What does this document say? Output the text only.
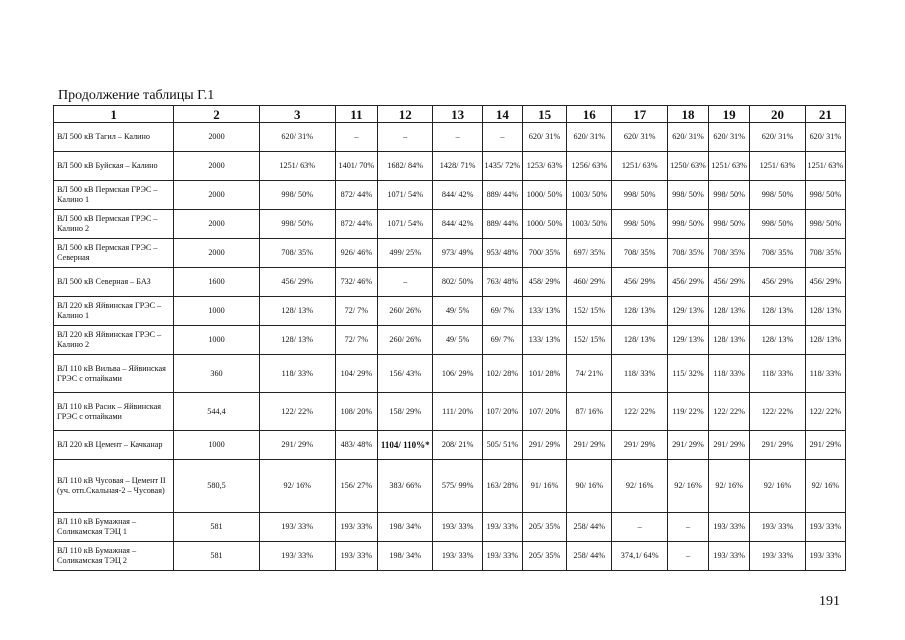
Продолжение таблицы Г.1
1	2	3	11	12	13	14	15	16	17	18	19	20	21
ВЛ 500 кВ Тагил – Калино	2000	620/ 31%	–	–	–	–	620/ 31%	620/ 31%	620/ 31%	620/ 31%	620/ 31%	620/ 31%	620/ 31%
ВЛ 500 кВ Буйская – Калино	2000	1251/ 63%	1401/ 70%	1682/ 84%	1428/ 71%	1435/ 72%	1253/ 63%	1256/ 63%	1251/ 63%	1250/ 63%	1251/ 63%	1251/ 63%	1251/ 63%
ВЛ 500 кВ Пермская ГРЭС – Калино 1	2000	998/ 50%	872/ 44%	1071/ 54%	844/ 42%	889/ 44%	1000/ 50%	1003/ 50%	998/ 50%	998/ 50%	998/ 50%	998/ 50%	998/ 50%
ВЛ 500 кВ Пермская ГРЭС – Калино 2	2000	998/ 50%	872/ 44%	1071/ 54%	844/ 42%	889/ 44%	1000/ 50%	1003/ 50%	998/ 50%	998/ 50%	998/ 50%	998/ 50%	998/ 50%
ВЛ 500 кВ Пермская ГРЭС – Северная	2000	708/ 35%	926/ 46%	499/ 25%	973/ 49%	953/ 48%	700/ 35%	697/ 35%	708/ 35%	708/ 35%	708/ 35%	708/ 35%	708/ 35%
ВЛ 500 кВ Северная – БАЗ	1600	456/ 29%	732/ 46%	–	802/ 50%	763/ 48%	458/ 29%	460/ 29%	456/ 29%	456/ 29%	456/ 29%	456/ 29%	456/ 29%
ВЛ 220 кВ Яйвинская ГРЭС – Калино 1	1000	128/ 13%	72/ 7%	260/ 26%	49/ 5%	69/ 7%	133/ 13%	152/ 15%	128/ 13%	129/ 13%	128/ 13%	128/ 13%	128/ 13%
ВЛ 220 кВ Яйвинская ГРЭС – Калино 2	1000	128/ 13%	72/ 7%	260/ 26%	49/ 5%	69/ 7%	133/ 13%	152/ 15%	128/ 13%	129/ 13%	128/ 13%	128/ 13%	128/ 13%
ВЛ 110 кВ Вильва – Яйвинская ГРЭС с отпайками	360	118/ 33%	104/ 29%	156/ 43%	106/ 29%	102/ 28%	101/ 28%	74/ 21%	118/ 33%	115/ 32%	118/ 33%	118/ 33%	118/ 33%
ВЛ 110 кВ Расик – Яйвинская ГРЭС с отпайками	544,4	122/ 22%	108/ 20%	158/ 29%	111/ 20%	107/ 20%	107/ 20%	87/ 16%	122/ 22%	119/ 22%	122/ 22%	122/ 22%	122/ 22%
ВЛ 220 кВ Цемент – Качканар	1000	291/ 29%	483/ 48%	1104/ 110%*	208/ 21%	505/ 51%	291/ 29%	291/ 29%	291/ 29%	291/ 29%	291/ 29%	291/ 29%	291/ 29%
ВЛ 110 кВ Чусовая – Цемент II (уч. отп.Скальная-2 – Чусовая)	580,5	92/ 16%	156/ 27%	383/ 66%	575/ 99%	163/ 28%	91/ 16%	90/ 16%	92/ 16%	92/ 16%	92/ 16%	92/ 16%	92/ 16%
ВЛ 110 кВ Бумажная – Соликамская ТЭЦ 1	581	193/ 33%	193/ 33%	198/ 34%	193/ 33%	193/ 33%	205/ 35%	258/ 44%	–	–	193/ 33%	193/ 33%	193/ 33%
ВЛ 110 кВ Бумажная – Соликамская ТЭЦ 2	581	193/ 33%	193/ 33%	198/ 34%	193/ 33%	193/ 33%	205/ 35%	258/ 44%	374,1/ 64%	–	193/ 33%	193/ 33%	193/ 33%
191
